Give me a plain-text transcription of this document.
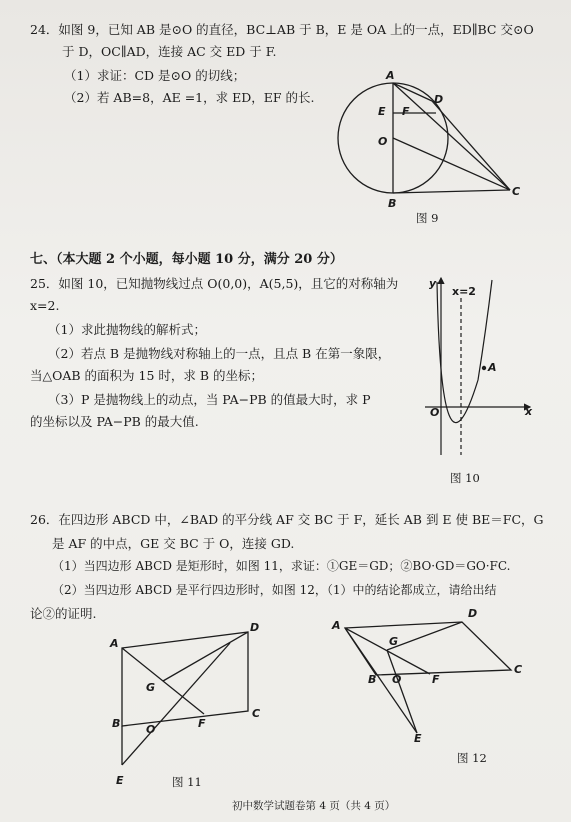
24．如图 9，已知 AB 是⊙O 的直径，BC⊥AB 于 B，E 是 OA 上的一点，ED∥BC 交⊙O
于 D，OC∥AD，连接 AC 交 ED 于 F.
（1）求证：CD 是⊙O 的切线；
（2）若 AB=8，AE =1，求 ED，EF 的长.
A
D
E F
O
B
C
图 9
七、（本大题 2 个小题，每小题 10 分，满分 20 分）
25．如图 10，已知抛物线过点 O(0,0)，A(5,5)，且它的对称轴为
x=2.
（1）求此抛物线的解析式；
（2）若点 B 是抛物线对称轴上的一点，且点 B 在第一象限，
当△OAB 的面积为 15 时，求 B 的坐标；
（3）P 是抛物线上的动点，当 PA−PB 的值最大时，求 P
的坐标以及 PA−PB 的最大值.
y
x
x=2
A
O
图 10
26．在四边形 ABCD 中，∠BAD 的平分线 AF 交 BC 于 F，延长 AB 到 E 使 BE＝FC，G
是 AF 的中点，GE 交 BC 于 O，连接 GD.
（1）当四边形 ABCD 是矩形时，如图 11，求证：①GE＝GD；②BO·GD＝GO·FC.
（2）当四边形 ABCD 是平行四边形时，如图 12，（1）中的结论都成立，请给出结
论②的证明.
A
D
G
B O	F
C
E	图 11
A
D
G
B O	F
C
E
图 12
初中数学试题卷第 4 页（共 4 页）
